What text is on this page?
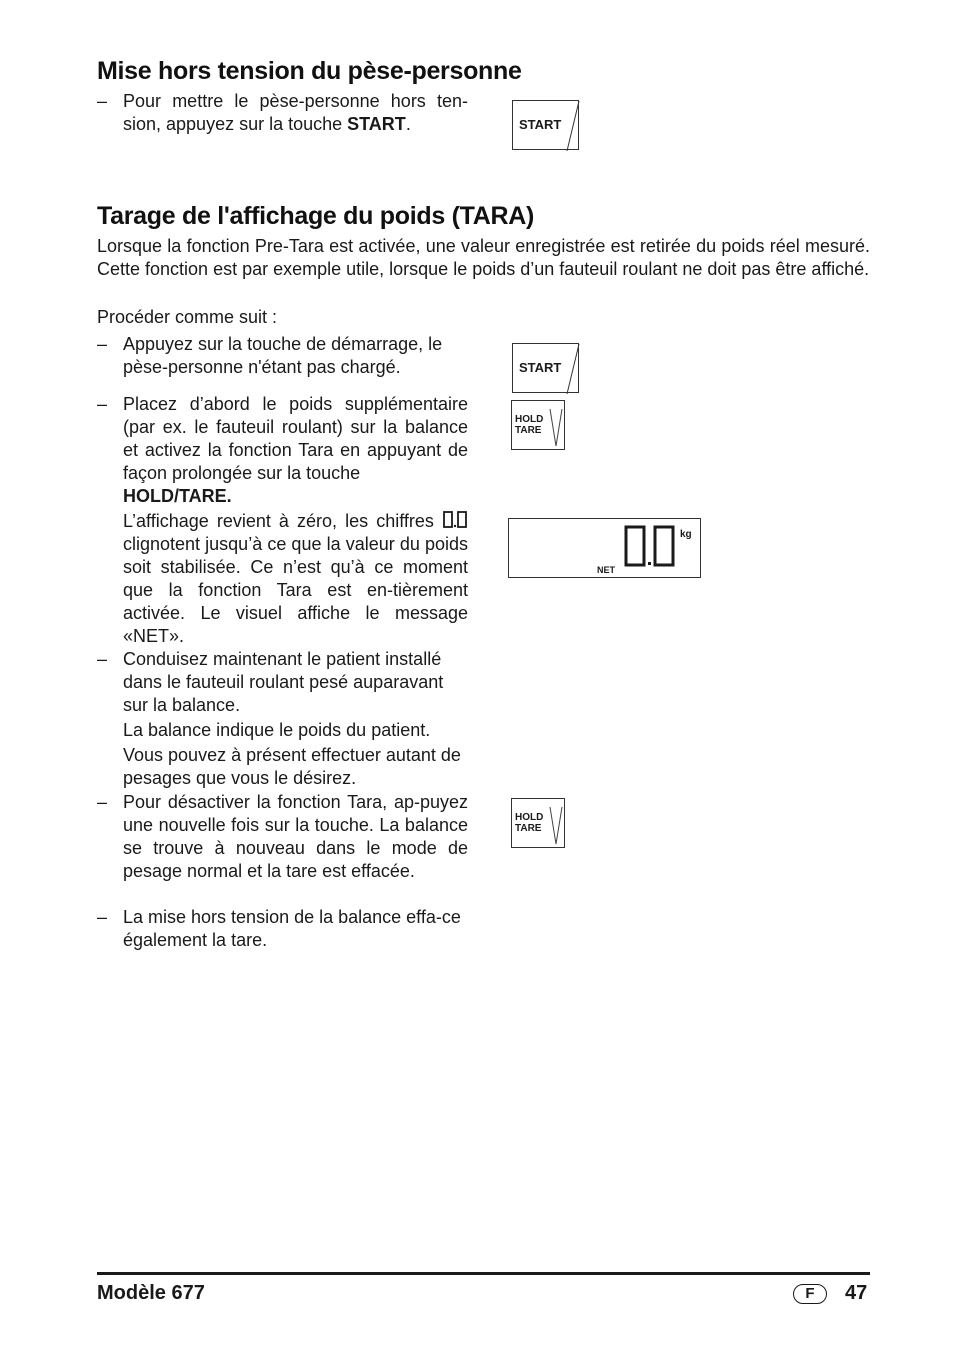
Mise hors tension du pèse-personne
– Pour mettre le pèse-personne hors ten-sion, appuyez sur la touche START.	START
Tarage de l'affichage du poids (TARA)
Lorsque la fonction Pre-Tara est activée, une valeur enregistrée est retirée du poids réel mesuré. Cette fonction est par exemple utile, lorsque le poids d’un fauteuil roulant ne doit pas être affiché.
Procéder comme suit :
– Appuyez sur la touche de démarrage, le pèse-personne n'étant pas chargé.	START
– Placez d’abord le poids supplémentaire (par ex. le fauteuil roulant) sur la balance et activez la fonction Tara en appuyant de façon prolongée sur la touche
HOLD/TARE.

L’affichage revient à zéro, les chiffres  clignotent jusqu’à ce que la valeur du poids soit stabilisée. Ce n’est qu’à ce moment que la fonction Tara est en-tièrement activée. Le visuel affiche le message «NET».

HOLD
TARE
kg
NET
– Conduisez maintenant le patient installé dans le fauteuil roulant pesé auparavant sur la balance.

La balance indique le poids du patient.

Vous pouvez à présent effectuer autant de pesages que vous le désirez.

– Pour désactiver la fonction Tara, ap-puyez une nouvelle fois sur la touche. La balance se trouve à nouveau dans le mode de pesage normal et la tare est effacée.
HOLD
TARE
– La mise hors tension de la balance effa-ce également la tare.
Modèle 677	F	47
